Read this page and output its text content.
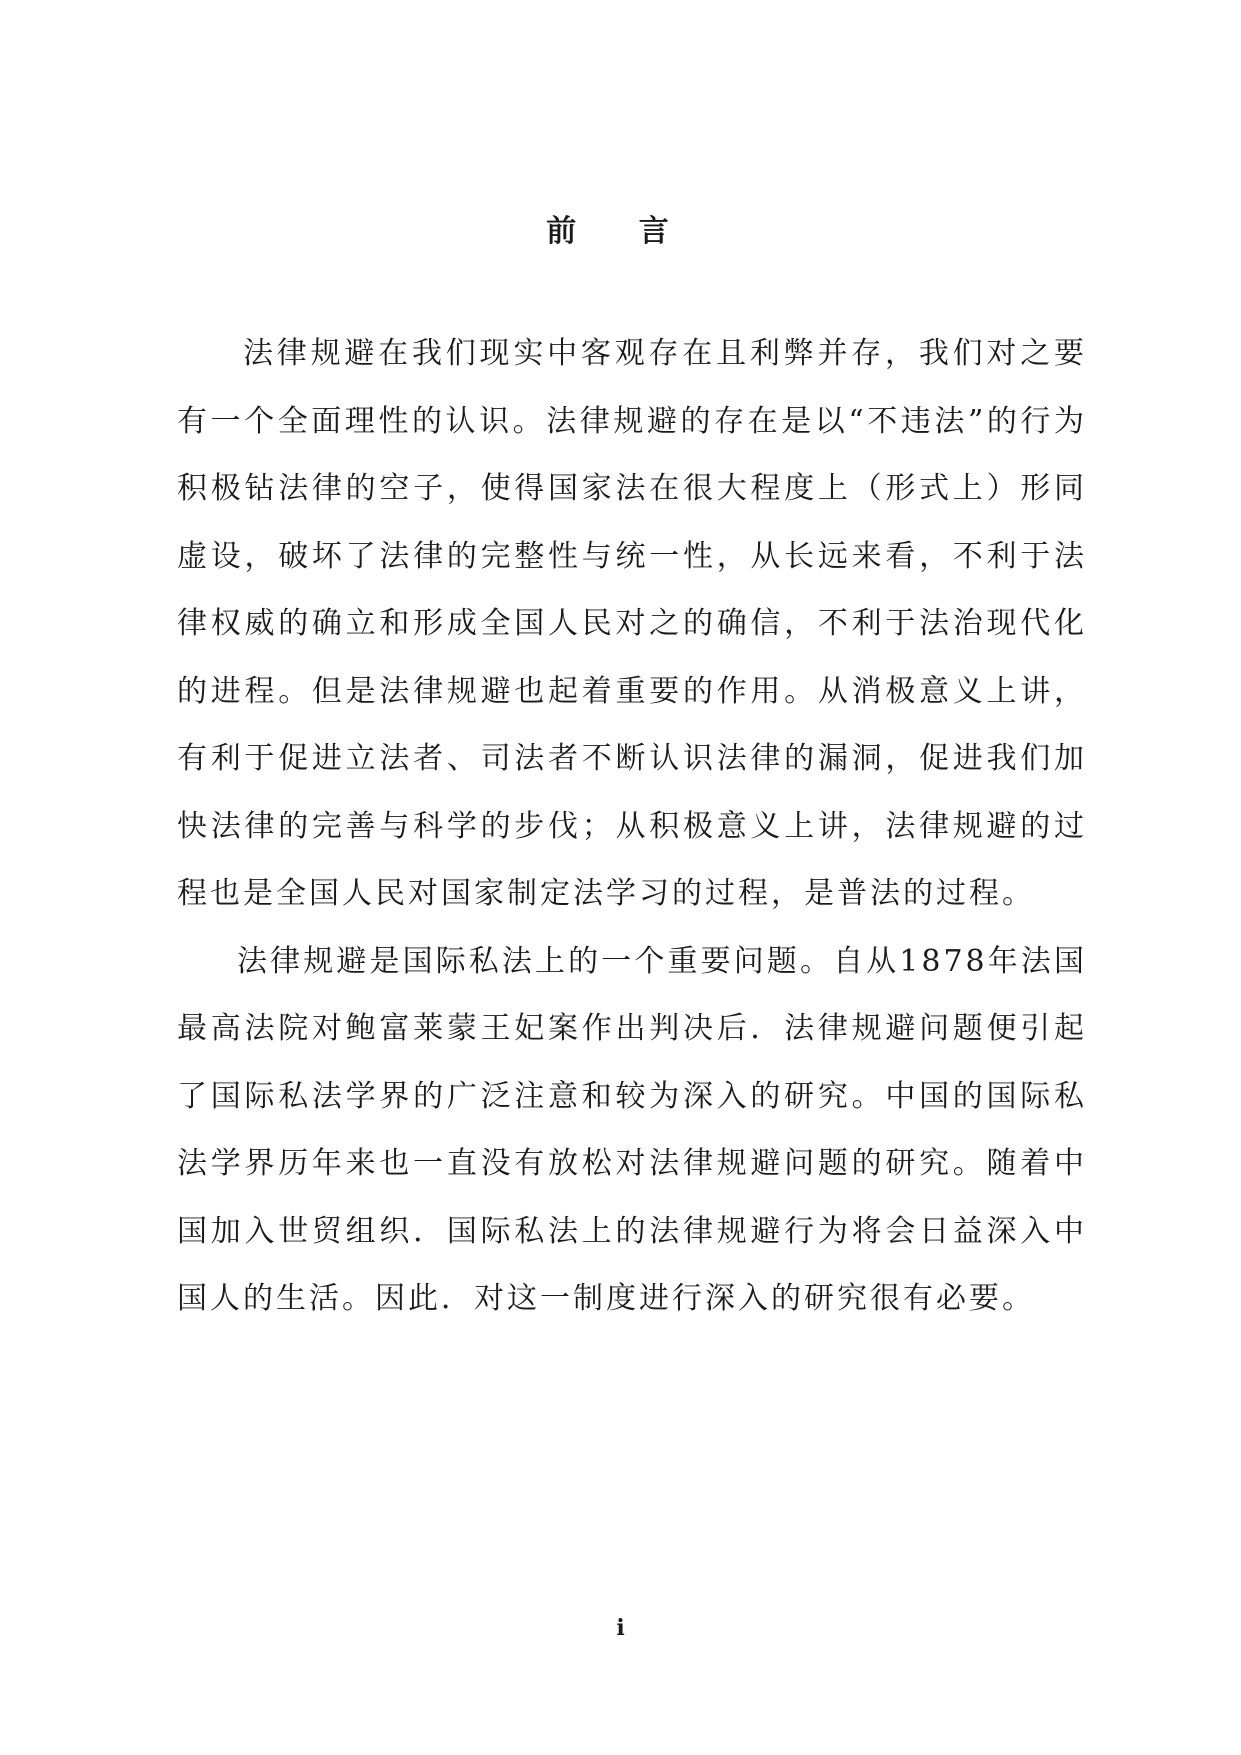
前 言

法律规避在我们现实中客观存在且利弊并存，我们对之要有一个全面理性的认识。法律规避的存在是以“不违法”的行为积极钻法律的空子，使得国家法在很大程度上（形式上）形同虚设，破坏了法律的完整性与统一性，从长远来看，不利于法律权威的确立和形成全国人民对之的确信，不利于法治现代化的进程。但是法律规避也起着重要的作用。从消极意义上讲，有利于促进立法者、司法者不断认识法律的漏洞，促进我们加快法律的完善与科学的步伐；从积极意义上讲，法律规避的过程也是全国人民对国家制定法学习的过程，是普法的过程。

法律规避是国际私法上的一个重要问题。自从1878年法国最高法院对鲍富莱蒙王妃案作出判决后．法律规避问题便引起了国际私法学界的广泛注意和较为深入的研究。中国的国际私法学界历年来也一直没有放松对法律规避问题的研究。随着中国加入世贸组织．国际私法上的法律规避行为将会日益深入中国人的生活。因此．对这一制度进行深入的研究很有必要。

i
